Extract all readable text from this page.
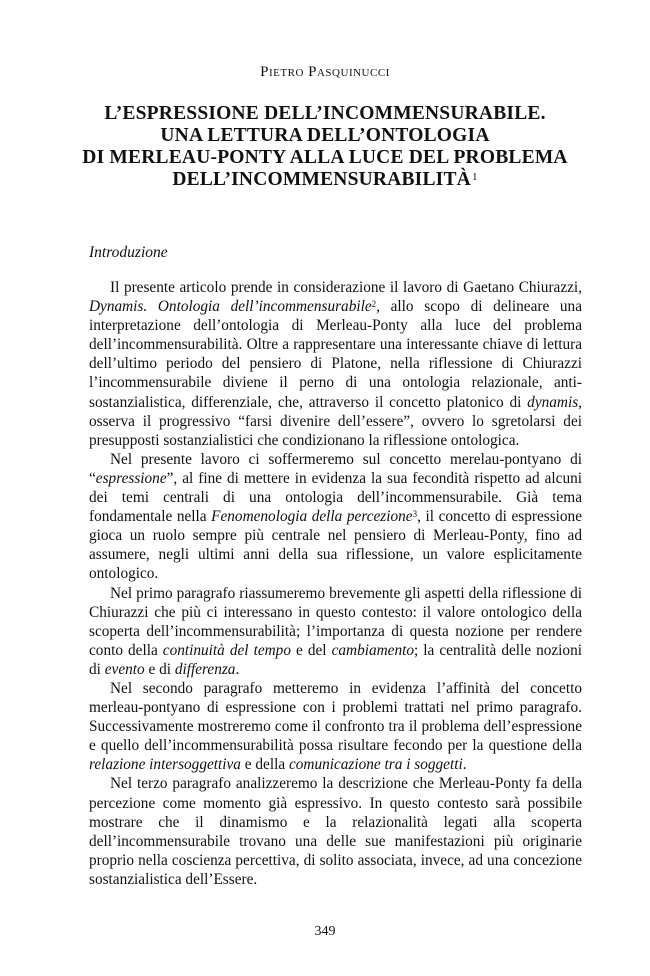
Pietro Pasquinucci
L’ESPRESSIONE DELL’INCOMMENSURABILE.
UNA LETTURA DELL’ONTOLOGIA
DI MERLEAU-PONTY ALLA LUCE DEL PROBLEMA
DELL’INCOMMENSURABILITÀ$^1$
Introduzione

Il presente articolo prende in considerazione il lavoro di Gaetano Chiurazzi, Dynamis. Ontologia dell’incommensurabile$^2$, allo scopo di delineare una interpretazione dell’ontologia di Merleau-Ponty alla luce del problema dell’incommensurabilità. Oltre a rappresentare una interessante chiave di lettura dell’ultimo periodo del pensiero di Platone, nella riflessione di Chiurazzi l’incommensurabile diviene il perno di una ontologia relazionale, anti-sostanzialistica, differenziale, che, attraverso il concetto platonico di dynamis, osserva il progressivo “farsi divenire dell’essere”, ovvero lo sgretolarsi dei presupposti sostanzialistici che condizionano la riflessione ontologica.

Nel presente lavoro ci soffermeremo sul concetto merelau-pontyano di “espressione”, al fine di mettere in evidenza la sua fecondità rispetto ad alcuni dei temi centrali di una ontologia dell’incommensurabile. Già tema fondamentale nella Fenomenologia della percezione$^3$, il concetto di espressione gioca un ruolo sempre più centrale nel pensiero di Merleau-Ponty, fino ad assumere, negli ultimi anni della sua riflessione, un valore esplicitamente ontologico.

Nel primo paragrafo riassumeremo brevemente gli aspetti della riflessione di Chiurazzi che più ci interessano in questo contesto: il valore ontologico della scoperta dell’incommensurabilità; l’importanza di questa nozione per rendere conto della continuità del tempo e del cambiamento; la centralità delle nozioni di evento e di differenza.

Nel secondo paragrafo metteremo in evidenza l’affinità del concetto merleau-pontyano di espressione con i problemi trattati nel primo paragrafo. Successivamente mostreremo come il confronto tra il problema dell’espressione e quello dell’incommensurabilità possa risultare fecondo per la questione della relazione intersoggettiva e della comunicazione tra i soggetti.

Nel terzo paragrafo analizzeremo la descrizione che Merleau-Ponty fa della percezione come momento già espressivo. In questo contesto sarà possibile mostrare che il dinamismo e la relazionalità legati alla scoperta dell’incommensurabile trovano una delle sue manifestazioni più originarie proprio nella coscienza percettiva, di solito associata, invece, ad una concezione sostanzialistica dell’Essere.

349
